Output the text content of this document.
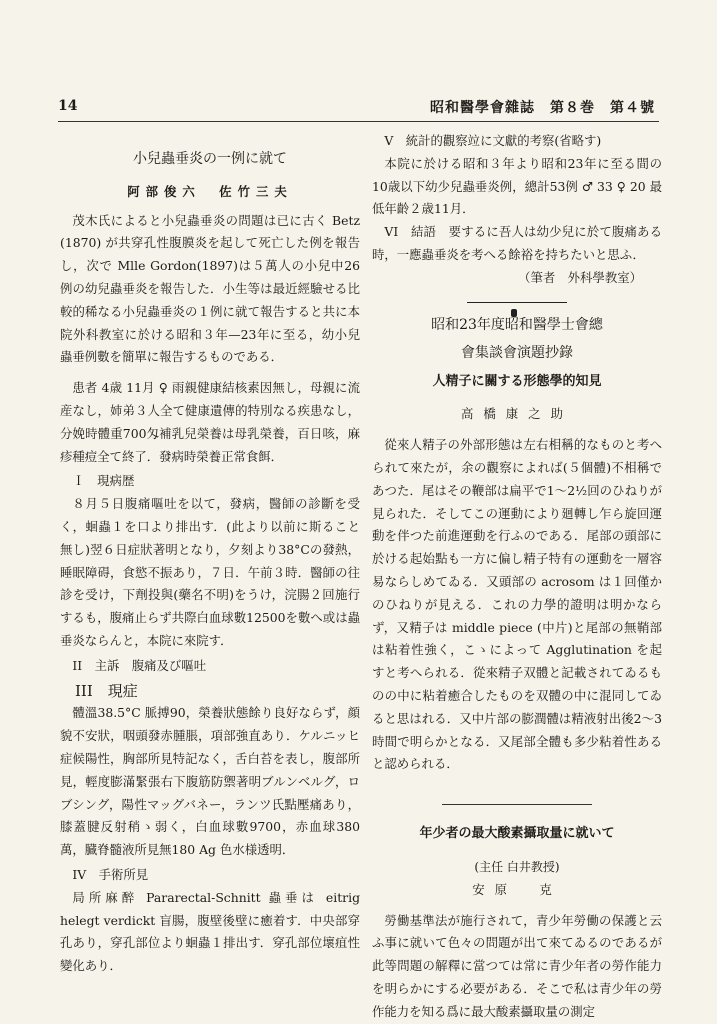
14	昭和醫學會雜誌　第８巻　第４號
小兒蟲垂炎の一例に就て
阿部俊六　佐竹三夫

茂木氏によると小兒蟲垂炎の問題は已に古く Betz (1870) が共穿孔性腹膜炎を起して死亡した例を報告し，次で Mlle Gordon(1897)は５萬人の小兒中26例の幼兒蟲垂炎を報告した．小生等は最近經驗せる比較的稀なる小兒蟲垂炎の１例に就て報告すると共に本院外科教室に於ける昭和３年—23年に至る，幼小兒蟲垂例數を簡單に報告するものである．

患者 4歳 11月 ♀ 雨親健康結核素因無し，母親に流産なし，姉弟３人全て健康遺傳的特別なる疾患なし，分娩時體重700匁補乳兒榮養は母乳榮養，百日咳，麻疹種痘全て終了．發病時榮養正常食餌．

Ｉ　現病歴

８月５日腹痛嘔吐を以て，發病，醫師の診斷を受く，蛔蟲１を口より排出す．(此より以前に斯ること無し)翌６日症狀著明となり，夕刻より38°Cの發熱，睡眠障碍，食慾不振あり，７日．午前３時．醫師の往診を受け，下劑投與(藥名不明)をうけ，浣腸２回施行するも，腹痛止らず共際白血球數12500を數へ或は蟲垂炎ならんと，本院に來院す．

II　主訴　腹痛及び嘔吐

III　現症

體溫38.5°C 脈搏90，榮養狀態餘り良好ならず，顔貌不安狀，咽頭發赤腫脹，項部強直あり．ケルニッヒ症候陽性，胸部所見特記なく，舌白苔を表し，腹部所見，輕度膨滿緊張右下腹筋防禦著明ブルンベルグ，ロブシング，陽性マッグバネー，ランツ氏點壓痛あり，膝蓋腱反射稍ゝ弱く，白血球數9700，赤血球380萬，臓脊髓液所見無180 Ag 色水様透明．

IV　手術所見

局所麻醉 Pararectal-Schnitt 蟲垂は eitrig helegt verdickt 盲腸，腹壁後壁に癒着す．中央部穿孔あり，穿孔部位より蛔蟲１排出す．穿孔部位壞疽性變化あり．

V　統計的觀察竝に文獻的考察(省略す)

本院に於ける昭和３年より昭和23年に至る間の10歳以下幼少兒蟲垂炎例，總計53例 ♂ 33 ♀ 20 最低年齡２歳11月．

VI　結語　要するに吾人は幼少兒に於て腹痛ある時，一應蟲垂炎を考へる餘裕を持ちたいと思ふ．

（筆者　外科學教室）

昭和23年度昭和醫學士會總
會集談會演題抄錄
人精子に關する形態學的知見
高橋康之助

從來人精子の外部形態は左右相稱的なものと考へられて來たが，余の觀察によれば(５個體)不相稱であつた．尾はその鞭部は扁平で1～2½回のひねりが見られた．そしてこの運動により廻轉し乍ら旋回運動を伴つた前進運動を行ふのである．尾部の頭部に於ける起始點も一方に偏し精子特有の運動を一層容易ならしめてゐる．又頭部の acrosom は１回僅かのひねりが見える．これの力學的證明は明かならず，又精子は middle piece (中片)と尾部の無鞘部は粘着性強く，こゝによって Agglutination を起すと考へられる．從來精子双體と記載されてゐるものの中に粘着癒合したものを双體の中に混同してゐると思はれる．又中片部の膨潤體は精液射出後2～3時間で明らかとなる．又尾部全體も多少粘着性あると認められる．

年少者の最大酸素攝取量に就いて
(主任 白井教授)
安原　克

勞働基準法が施行されて，青少年勞働の保護と云ふ事に就いて色々の問題が出て來てゐるのであるが此等問題の解釋に當つては常に青少年者の勞作能力を明らかにする必要がある．そこで私は青少年の勞作能力を知る爲に最大酸素攝取量の測定
